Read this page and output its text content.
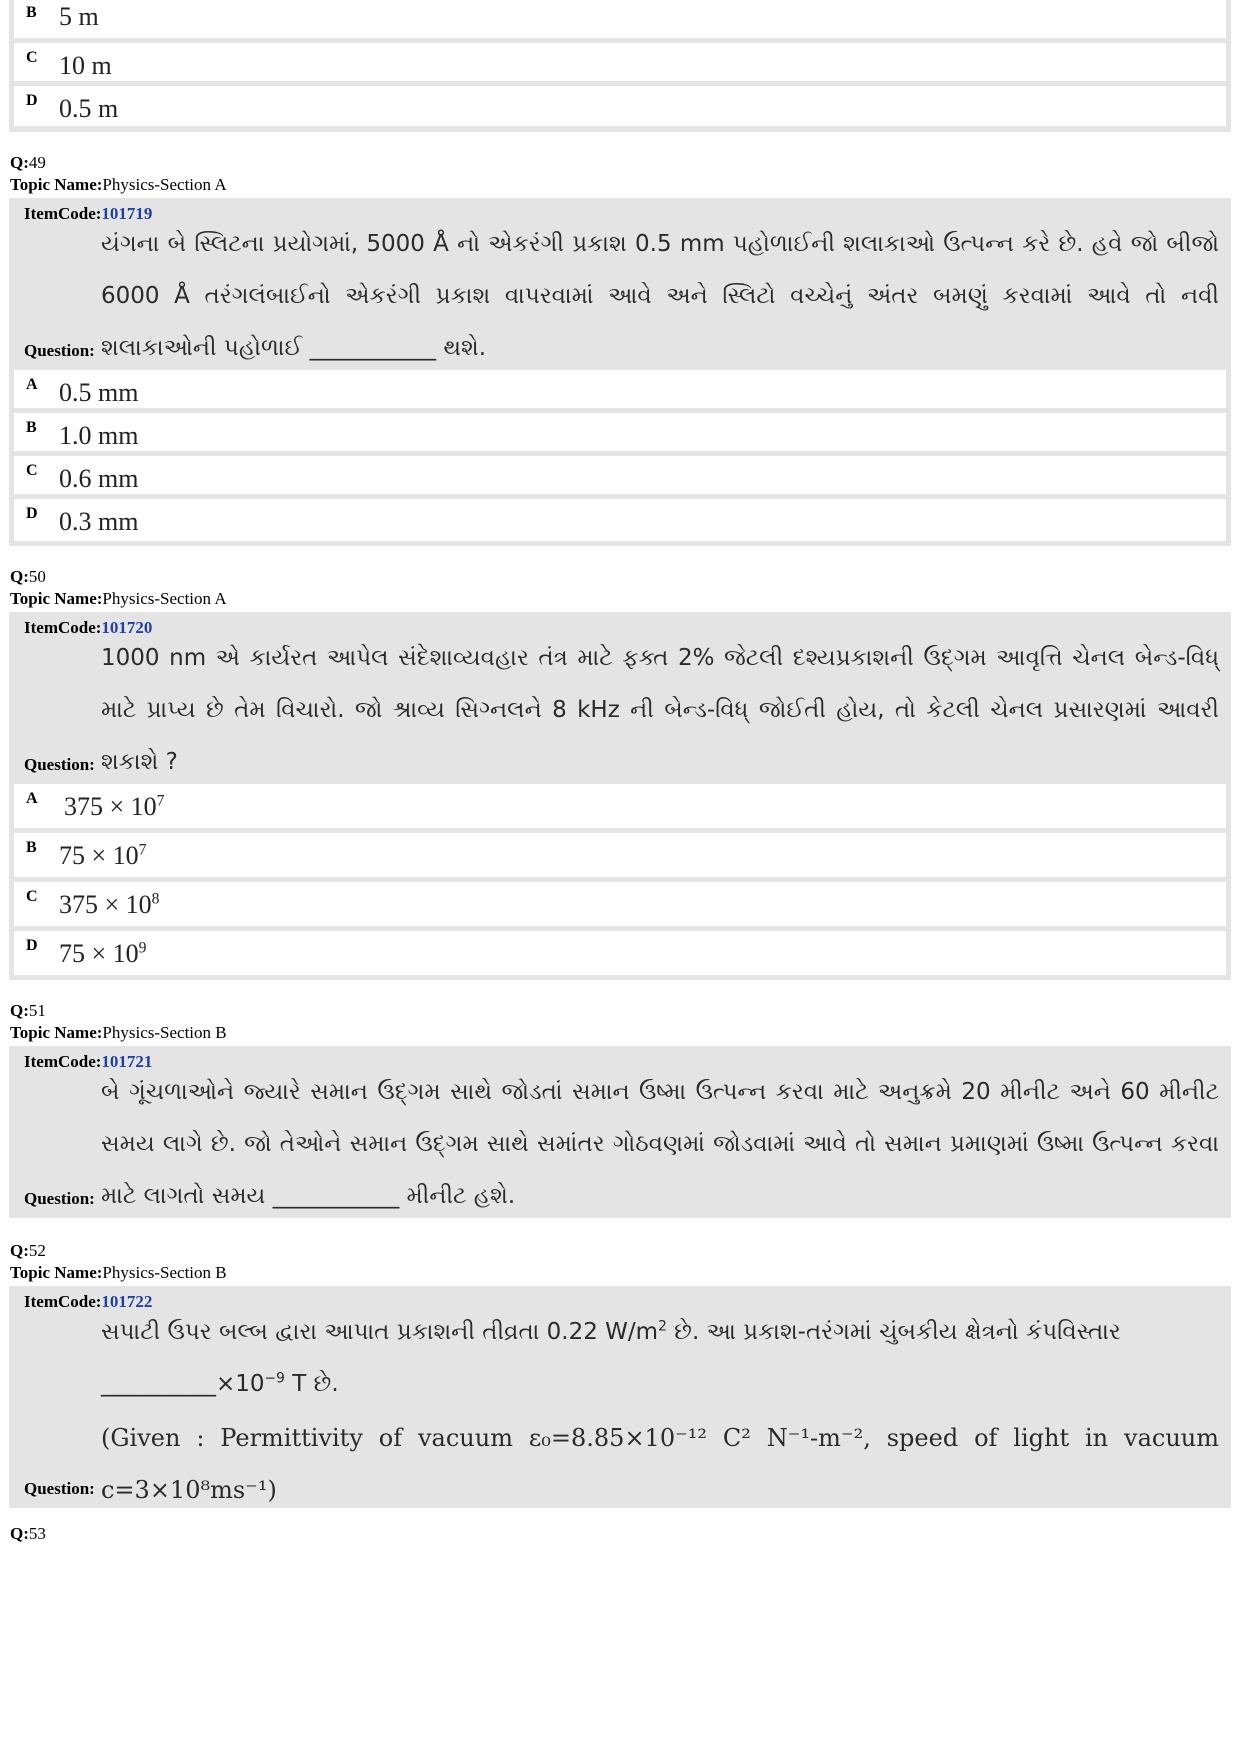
B 5 m
C 10 m
D 0.5 m
Q:49
Topic Name:Physics-Section A
ItemCode:101719
યંગના બે સ્લિટના પ્રયોગમાં, 5000 Å નો એકરંગી પ્રકાશ 0.5 mm પહોળાઈની શલાકાઓ ઉત્પન્ન કરે છે. હવે જો બીજો 6000 Å તરંગલંબાઈનો એકરંગી પ્રકાશ વાપરવામાં આવે અને સ્લિટો વચ્ચેનું અંતર બમણું કરવામાં આવે તો નવી શલાકાઓની પહોળાઈ ___________ થશે.
Question:
A 0.5 mm
B 1.0 mm
C 0.6 mm
D 0.3 mm
Q:50
Topic Name:Physics-Section A
ItemCode:101720
1000 nm એ કાર્યરત આપેલ સંદેશાવ્યવહાર તંત્ર માટે ફક્ત 2% જેટલી દશ્યપ્રકાશની ઉદ્ગમ આવૃત્તિ ચેનલ બેન્ડ-વિધ્ માટે પ્રાપ્ય છે તેમ વિચારો. જો શ્રાવ્ય સિગ્નલને 8 kHz ની બેન્ડ-વિધ્ જોઈતી હોય, તો કેટલી ચેનલ પ્રસારણમાં આવરી શકાશે ?
Question:
A $375 \times 10^7$
B $75 \times 10^7$
C $375 \times 10^8$
D $75 \times 10^9$
Q:51
Topic Name:Physics-Section B
ItemCode:101721
બે ગૂંચળાઓને જ્યારે સમાન ઉદ્ગમ સાથે જોડતાં સમાન ઉષ્મા ઉત્પન્ન કરવા માટે અનુક્રમે 20 મીનીટ અને 60 મીનીટ સમય લાગે છે. જો તેઓને સમાન ઉદ્ગમ સાથે સમાંતર ગોઠવણમાં જોડવામાં આવે તો સમાન પ્રમાણમાં ઉષ્મા ઉત્પન્ન કરવા માટે લાગતો સમય ___________ મીનીટ હશે.
Question:
Q:52
Topic Name:Physics-Section B
ItemCode:101722
સપાટી ઉપર બલ્બ દ્વારા આપાત પ્રકાશની તીવ્રતા 0.22 $W/m^2$ છે. આ પ્રકાશ-તરંગમાં ચુંબકીય ક્ષેત્રનો કંપવિસ્તાર
$\_\_\_\_\_\_\_\_\_\_\times 10^{-9}$ T છે.
(Given : Permittivity of vacuum ε₀=8.85×10⁻¹² C² N⁻¹-m⁻², speed of light in vacuum c=3×10⁸ms⁻¹)
Question:
Q:53
